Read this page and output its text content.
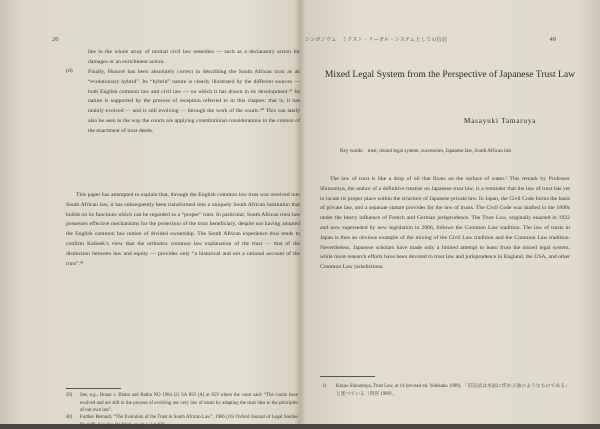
26
lies in the whole array of normal civil law remedies — such as a declaratory action for damages or an enrichment action.
(d)	Finally, Honoré has been absolutely correct in describing the South African trust as an “evolutionary hybrid”. Its “hybrid” nature is clearly illustrated by the different sources — both English common law and civil law — on which it has drawn in its development.³⁹ Its nature is supported by the process of reception referred to in this chapter; that is, it has mainly evolved — and is still evolving — through the work of the courts.⁴⁰ This can lately also be seen in the way the courts are applying constitutional considerations in the context of the enactment of trust deeds.
This paper has attempted to explain that, through the English common law trust was received into South African law, it has subsequently been transformed into a uniquely South African institution that builds on its functions which can be regarded as a “proper” trust. In particular, South African trust law possesses effective mechanisms for the protection of the trust beneficiary, despite not having adopted the English common law notion of divided ownership. The South African experience thus tends to confirm Kalinek’s view that the orthodox common law explanation of the trust — that of the distinction between law and equity — provides only “a historical and not a rational account of the trust”.⁴¹
39) See, e.g., Braun v. Blann and Botha NO 1984 (2) SA 850 (A) at 859 where the court said: “The courts have evolved and are still in the process of evolving our very law of trusts by adapting the trust idea to the principles of our own law”.
40) Further Bernard, “The Evolution of the Trust in South African Law”, 1986 (16) Oxford Journal of Legal Studies 91 at 99. See also De Waal, op cit n 3 at 976.
シンポジウム　ミクスト・リーガル・システムとしての信託	49
Mixed Legal System from the Perspective of Japanese Trust Law
Masayuki Tamaruya
Key words: trust, mixed legal system, succession, Japanese law, South African law
The law of trust is like a drop of oil that floats on the surface of water.¹ This remark by Professor Shinomiya, the author of a definitive treatise on Japanese trust law, is a reminder that the law of trust has yet to locate its proper place within the structure of Japanese private law. In Japan, the Civil Code forms the basis of private law, and a separate statute provides for the law of trusts. The Civil Code was drafted in the 1890s under the heavy influence of French and German jurisprudence. The Trust Law, originally enacted in 1922 and now superseded by new legislation in 2006, follows the Common Law tradition. The law of trusts in Japan is thus an obvious example of the mixing of the Civil Law tradition and the Common Law tradition. Nevertheless, Japanese scholars have made only a limited attempt to learn from the mixed legal system, while more research efforts have been devoted to trust law and jurisprudence in England, the USA, and other Common Law jurisdictions.
1) Kazuo Shinomiya, Trust Law, at 14 (revised ed. Yuhikaku 1989). 「信託法は水面に浮かぶ油のようなものである」と述べている（四宮 1989）。
